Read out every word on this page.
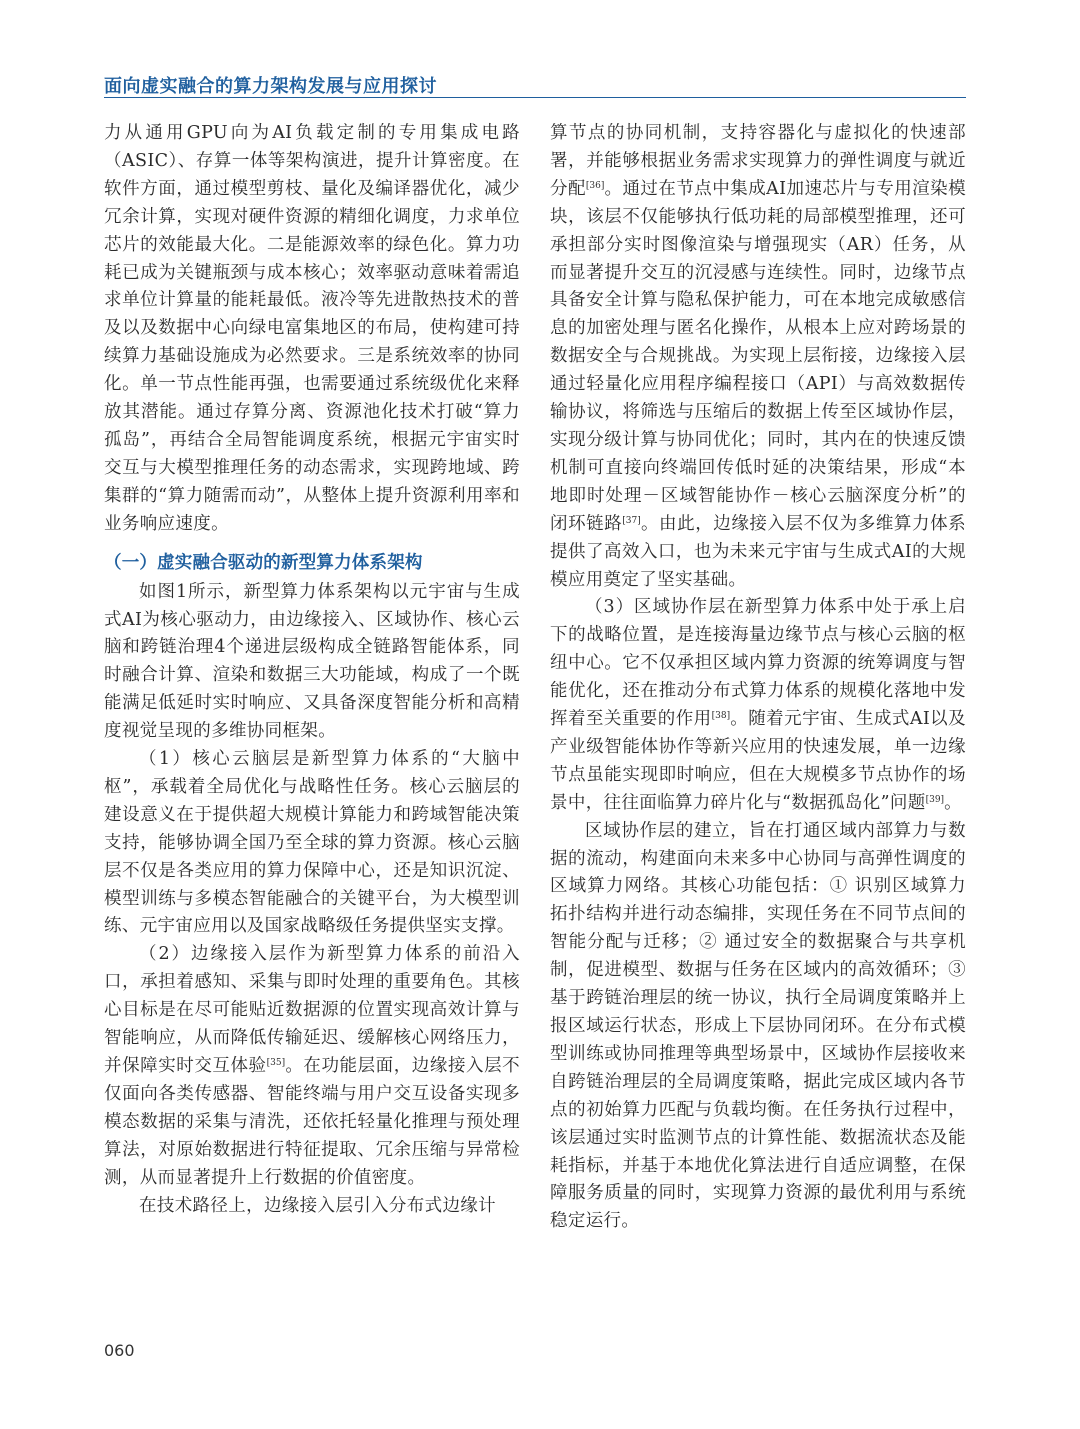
面向虚实融合的算力架构发展与应用探讨

力从通用GPU向为AI负载定制的专用集成电路（ASIC）、存算一体等架构演进，提升计算密度。在软件方面，通过模型剪枝、量化及编译器优化，减少冗余计算，实现对硬件资源的精细化调度，力求单位芯片的效能最大化。二是能源效率的绿色化。算力功耗已成为关键瓶颈与成本核心；效率驱动意味着需追求单位计算量的能耗最低。液冷等先进散热技术的普及以及数据中心向绿电富集地区的布局，使构建可持续算力基础设施成为必然要求。三是系统效率的协同化。单一节点性能再强，也需要通过系统级优化来释放其潜能。通过存算分离、资源池化技术打破“算力孤岛”，再结合全局智能调度系统，根据元宇宙实时交互与大模型推理任务的动态需求，实现跨地域、跨集群的“算力随需而动”，从整体上提升资源利用率和业务响应速度。

（一）虚实融合驱动的新型算力体系架构

如图1所示，新型算力体系架构以元宇宙与生成式AI为核心驱动力，由边缘接入、区域协作、核心云脑和跨链治理4个递进层级构成全链路智能体系，同时融合计算、渲染和数据三大功能域，构成了一个既能满足低延时实时响应、又具备深度智能分析和高精度视觉呈现的多维协同框架。

（1）核心云脑层是新型算力体系的“大脑中枢”，承载着全局优化与战略性任务。核心云脑层的建设意义在于提供超大规模计算能力和跨域智能决策支持，能够协调全国乃至全球的算力资源。核心云脑层不仅是各类应用的算力保障中心，还是知识沉淀、模型训练与多模态智能融合的关键平台，为大模型训练、元宇宙应用以及国家战略级任务提供坚实支撑。

（2）边缘接入层作为新型算力体系的前沿入口，承担着感知、采集与即时处理的重要角色。其核心目标是在尽可能贴近数据源的位置实现高效计算与智能响应，从而降低传输延迟、缓解核心网络压力，并保障实时交互体验[35]。在功能层面，边缘接入层不仅面向各类传感器、智能终端与用户交互设备实现多模态数据的采集与清洗，还依托轻量化推理与预处理算法，对原始数据进行特征提取、冗余压缩与异常检测，从而显著提升上行数据的价值密度。

在技术路径上，边缘接入层引入分布式边缘计

算节点的协同机制，支持容器化与虚拟化的快速部署，并能够根据业务需求实现算力的弹性调度与就近分配[36]。通过在节点中集成AI加速芯片与专用渲染模块，该层不仅能够执行低功耗的局部模型推理，还可承担部分实时图像渲染与增强现实（AR）任务，从而显著提升交互的沉浸感与连续性。同时，边缘节点具备安全计算与隐私保护能力，可在本地完成敏感信息的加密处理与匿名化操作，从根本上应对跨场景的数据安全与合规挑战。为实现上层衔接，边缘接入层通过轻量化应用程序编程接口（API）与高效数据传输协议，将筛选与压缩后的数据上传至区域协作层，实现分级计算与协同优化；同时，其内在的快速反馈机制可直接向终端回传低时延的决策结果，形成“本地即时处理－区域智能协作－核心云脑深度分析”的闭环链路[37]。由此，边缘接入层不仅为多维算力体系提供了高效入口，也为未来元宇宙与生成式AI的大规模应用奠定了坚实基础。

（3）区域协作层在新型算力体系中处于承上启下的战略位置，是连接海量边缘节点与核心云脑的枢纽中心。它不仅承担区域内算力资源的统筹调度与智能优化，还在推动分布式算力体系的规模化落地中发挥着至关重要的作用[38]。随着元宇宙、生成式AI以及产业级智能体协作等新兴应用的快速发展，单一边缘节点虽能实现即时响应，但在大规模多节点协作的场景中，往往面临算力碎片化与“数据孤岛化”问题[39]。

区域协作层的建立，旨在打通区域内部算力与数据的流动，构建面向未来多中心协同与高弹性调度的区域算力网络。其核心功能包括：① 识别区域算力拓扑结构并进行动态编排，实现任务在不同节点间的智能分配与迁移；② 通过安全的数据聚合与共享机制，促进模型、数据与任务在区域内的高效循环；③ 基于跨链治理层的统一协议，执行全局调度策略并上报区域运行状态，形成上下层协同闭环。在分布式模型训练或协同推理等典型场景中，区域协作层接收来自跨链治理层的全局调度策略，据此完成区域内各节点的初始算力匹配与负载均衡。在任务执行过程中，该层通过实时监测节点的计算性能、数据流状态及能耗指标，并基于本地优化算法进行自适应调整，在保障服务质量的同时，实现算力资源的最优利用与系统稳定运行。

060
